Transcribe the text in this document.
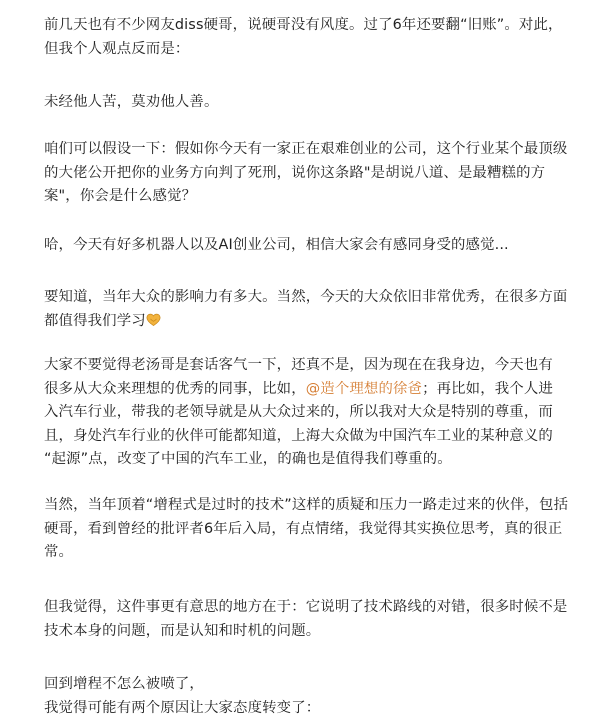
前几天也有不少网友diss硬哥，说硬哥没有风度。过了6年还要翻“旧账”。对此，
但我个人观点反而是：

未经他人苦，莫劝他人善。

咱们可以假设一下：假如你今天有一家正在艰难创业的公司，这个行业某个最顶级
的大佬公开把你的业务方向判了死刑，说你这条路"是胡说八道、是最糟糕的方
案"，你会是什么感觉？

哈，今天有好多机器人以及AI创业公司，相信大家会有感同身受的感觉...

要知道，当年大众的影响力有多大。当然，今天的大众依旧非常优秀，在很多方面
都值得我们学习

大家不要觉得老汤哥是套话客气一下，还真不是，因为现在在我身边，今天也有
很多从大众来理想的优秀的同事，比如，@造个理想的徐爸；再比如，我个人进
入汽车行业，带我的老领导就是从大众过来的，所以我对大众是特别的尊重，而
且，身处汽车行业的伙伴可能都知道，上海大众做为中国汽车工业的某种意义的
“起源”点，改变了中国的汽车工业，的确也是值得我们尊重的。

当然，当年顶着“增程式是过时的技术”这样的质疑和压力一路走过来的伙伴，包括
硬哥，看到曾经的批评者6年后入局，有点情绪，我觉得其实换位思考，真的很正
常。

但我觉得，这件事更有意思的地方在于：它说明了技术路线的对错，很多时候不是
技术本身的问题，而是认知和时机的问题。

回到增程不怎么被喷了，
我觉得可能有两个原因让大家态度转变了：
